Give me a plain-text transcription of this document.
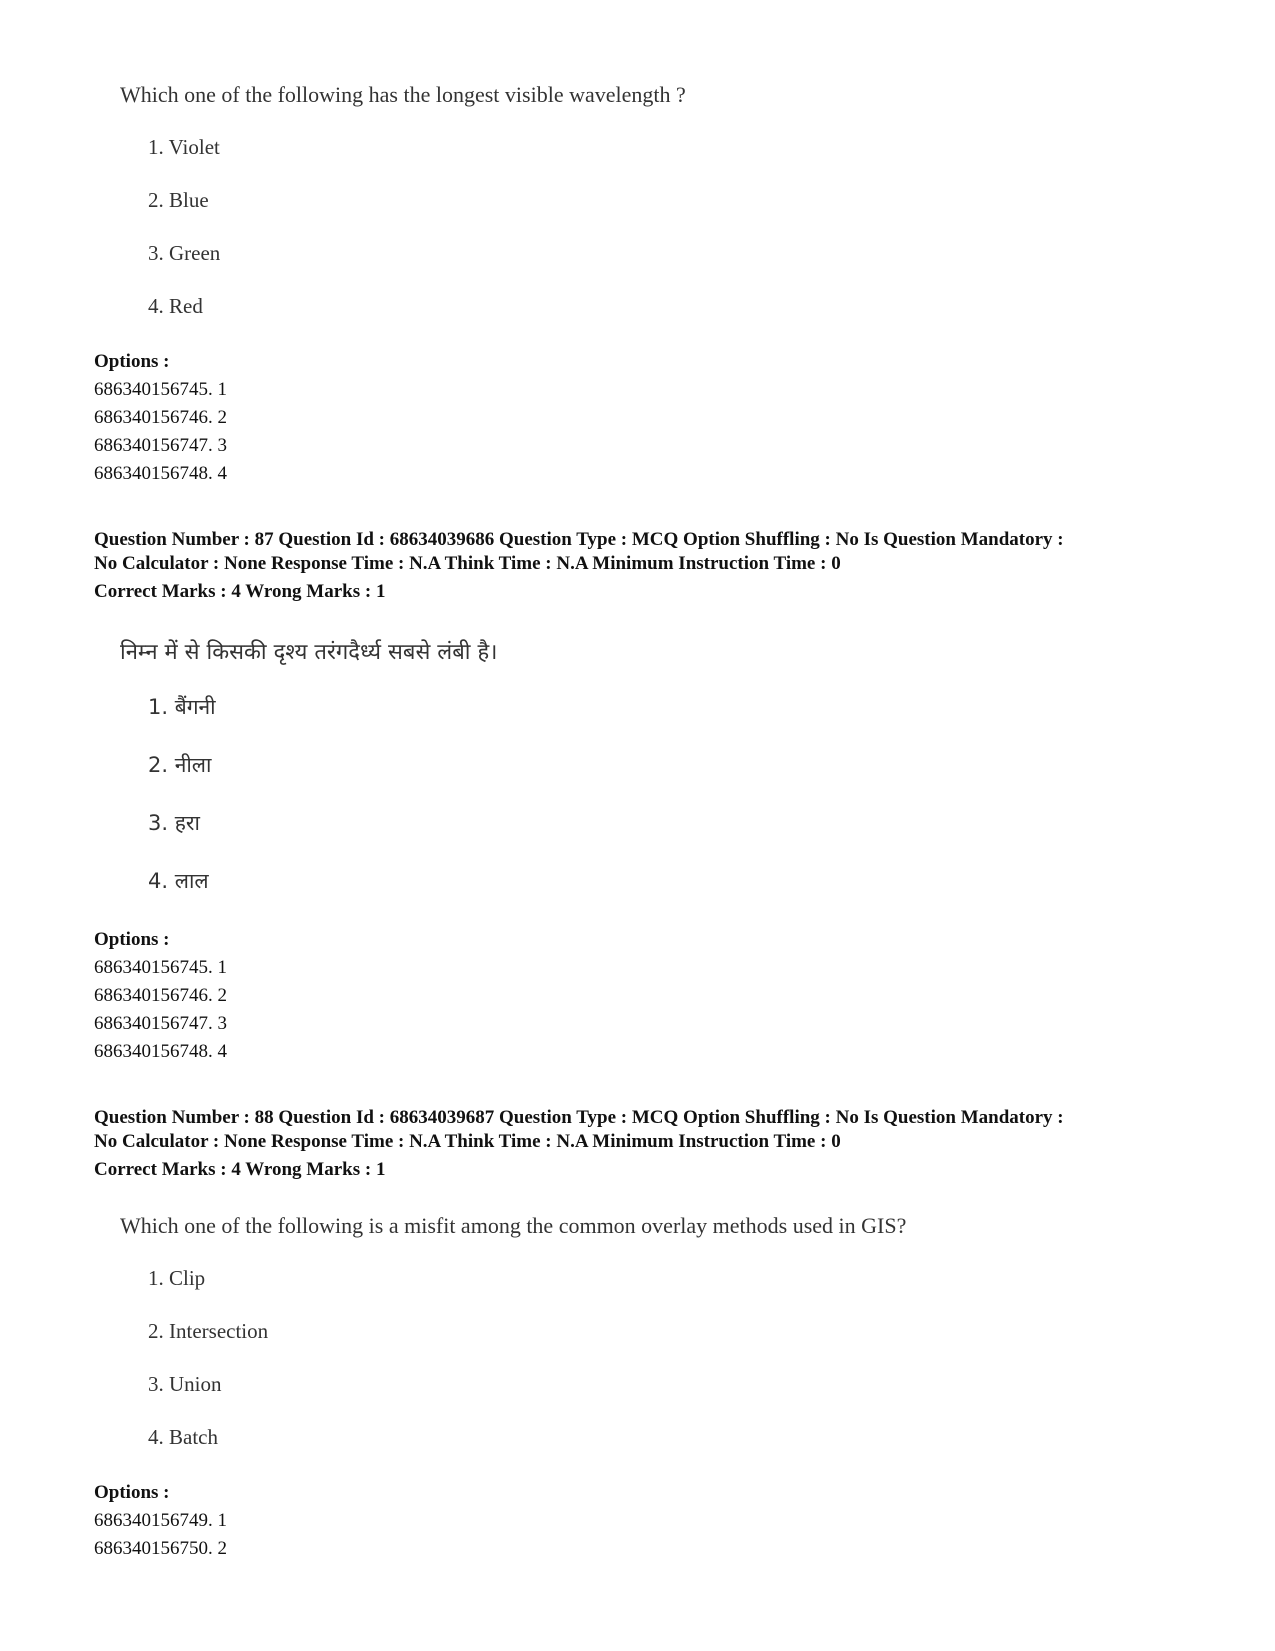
Which one of the following has the longest visible wavelength ?
1. Violet
2. Blue
3. Green
4. Red
Options :
686340156745. 1
686340156746. 2
686340156747. 3
686340156748. 4
Question Number : 87 Question Id : 68634039686 Question Type : MCQ Option Shuffling : No Is Question Mandatory :
No Calculator : None Response Time : N.A Think Time : N.A Minimum Instruction Time : 0
Correct Marks : 4 Wrong Marks : 1
निम्न में से किसकी दृश्य तरंगदैर्ध्य सबसे लंबी है।
1. बैंगनी
2. नीला
3. हरा
4. लाल
Options :
686340156745. 1
686340156746. 2
686340156747. 3
686340156748. 4
Question Number : 88 Question Id : 68634039687 Question Type : MCQ Option Shuffling : No Is Question Mandatory :
No Calculator : None Response Time : N.A Think Time : N.A Minimum Instruction Time : 0
Correct Marks : 4 Wrong Marks : 1
Which one of the following is a misfit among the common overlay methods used in GIS?
1. Clip
2. Intersection
3. Union
4. Batch
Options :
686340156749. 1
686340156750. 2
